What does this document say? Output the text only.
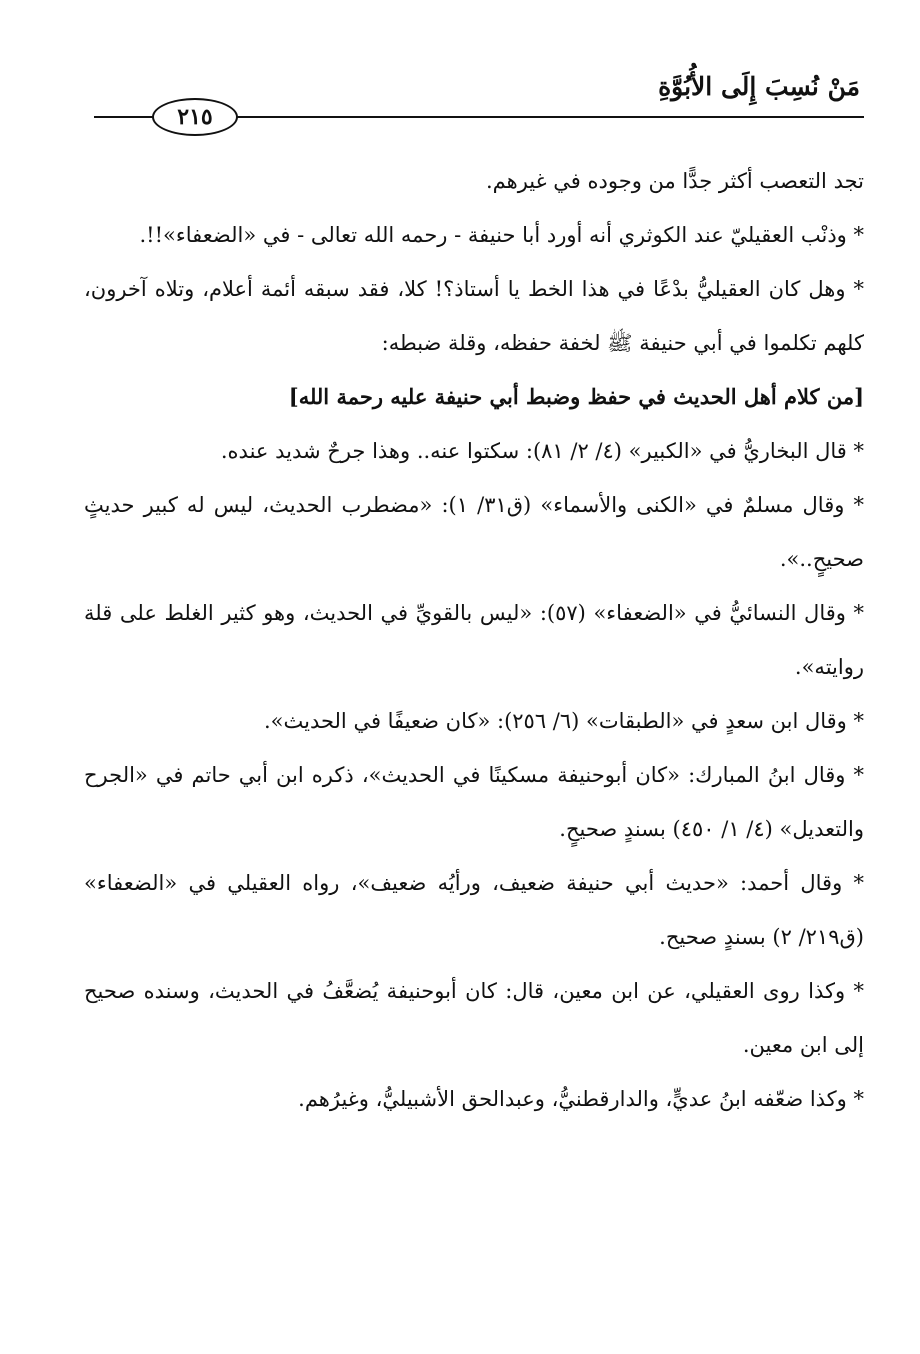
مَنْ نُسِبَ إِلَى الأُبُوَّةِ
٢١٥

تجد التعصب أكثر جدًّا من وجوده في غيرهم.

* وذنْب العقيليّ عند الكوثري أنه أورد أبا حنيفة - رحمه الله تعالى - في «الضعفاء»!!.

* وهل كان العقيليُّ بدْعًا في هذا الخط يا أستاذ؟! كلا، فقد سبقه أئمة أعلام، وتلاه آخرون، كلهم تكلموا في أبي حنيفة ﷺ لخفة حفظه، وقلة ضبطه:

[من كلام أهل الحديث في حفظ وضبط أبي حنيفة عليه رحمة الله]

* قال البخاريُّ في «الكبير» (٤/ ٢/ ٨١): سكتوا عنه.. وهذا جرحٌ شديد عنده.

* وقال مسلمٌ في «الكنى والأسماء» (ق٣١/ ١): «مضطرب الحديث، ليس له كبير حديثٍ صحيحٍ..».

* وقال النسائيُّ في «الضعفاء» (٥٧): «ليس بالقويِّ في الحديث، وهو كثير الغلط على قلة روايته».

* وقال ابن سعدٍ في «الطبقات» (٦/ ٢٥٦): «كان ضعيفًا في الحديث».

* وقال ابنُ المبارك: «كان أبوحنيفة مسكينًا في الحديث»، ذكره ابن أبي حاتم في «الجرح والتعديل» (٤/ ١/ ٤٥٠) بسندٍ صحيحٍ.

* وقال أحمد: «حديث أبي حنيفة ضعيف، ورأيُه ضعيف»، رواه العقيلي في «الضعفاء» (ق٢١٩/ ٢) بسندٍ صحيح.

* وكذا روى العقيلي، عن ابن معين، قال: كان أبوحنيفة يُضعَّفُ في الحديث، وسنده صحيح إلى ابن معين.

* وكذا ضعّفه ابنُ عديٍّ، والدارقطنيُّ، وعبدالحق الأشبيليُّ، وغيرُهم.
